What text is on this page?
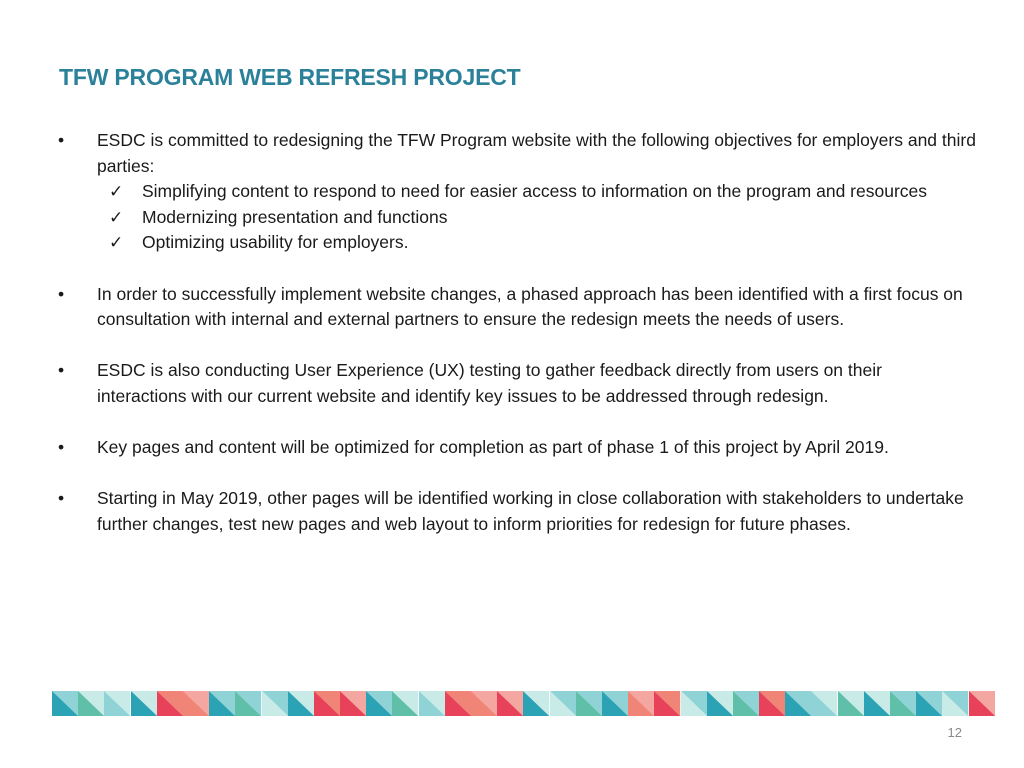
TFW PROGRAM WEB REFRESH PROJECT
• ESDC is committed to redesigning the TFW Program website with the following objectives for employers and third parties:
✓ Simplifying content to respond to need for easier access to information on the program and resources
✓ Modernizing presentation and functions
✓ Optimizing usability for employers.
• In order to successfully implement website changes, a phased approach has been identified with a first focus on consultation with internal and external partners to ensure the redesign meets the needs of users.
• ESDC is also conducting User Experience (UX) testing to gather feedback directly from users on their interactions with our current website and identify key issues to be addressed through redesign.
• Key pages and content will be optimized for completion as part of phase 1 of this project by April 2019.
• Starting in May 2019, other pages will be identified working in close collaboration with stakeholders to undertake further changes, test new pages and web layout to inform priorities for redesign for future phases.
12
